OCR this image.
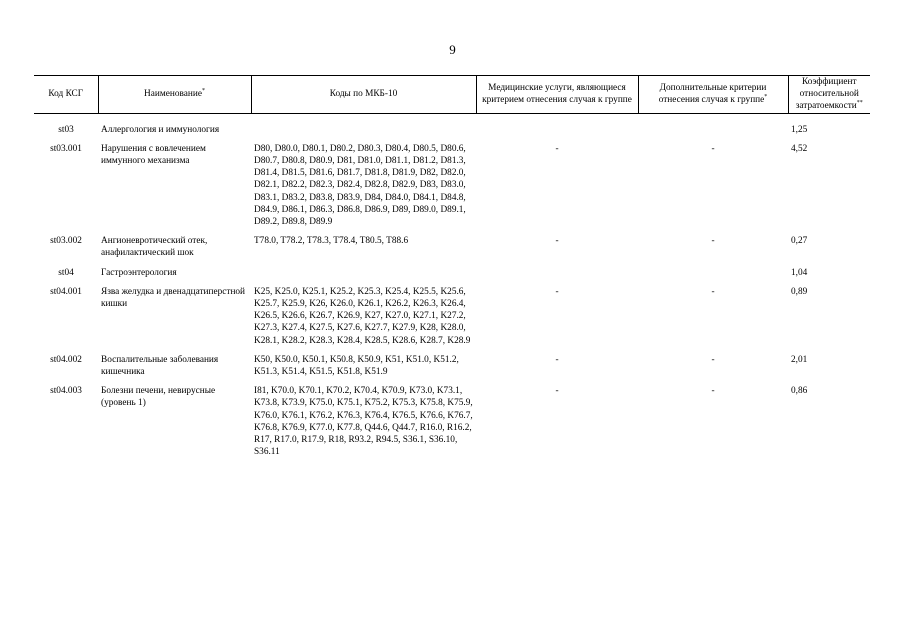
9
Код КСГ	Наименование*	Коды по МКБ-10	Медицинские услуги, являющиеся критерием отнесения случая к группе	Дополнительные критерии отнесения случая к группе*	Коэффициент относительной затратоемкости**
st03	Аллергология и иммунология				1,25
st03.001	Нарушения с вовлечением иммунного механизма	D80, D80.0, D80.1, D80.2, D80.3, D80.4, D80.5, D80.6, D80.7, D80.8, D80.9, D81, D81.0, D81.1, D81.2, D81.3, D81.4, D81.5, D81.6, D81.7, D81.8, D81.9, D82, D82.0, D82.1, D82.2, D82.3, D82.4, D82.8, D82.9, D83, D83.0, D83.1, D83.2, D83.8, D83.9, D84, D84.0, D84.1, D84.8, D84.9, D86.1, D86.3, D86.8, D86.9, D89, D89.0, D89.1, D89.2, D89.8, D89.9	-	-	4,52
st03.002	Ангионевротический отек, анафилактический шок	T78.0, T78.2, T78.3, T78.4, T80.5, T88.6	-	-	0,27
st04	Гастроэнтерология				1,04
st04.001	Язва желудка и двенадцатиперстной кишки	K25, K25.0, K25.1, K25.2, K25.3, K25.4, K25.5, K25.6, K25.7, K25.9, K26, K26.0, K26.1, K26.2, K26.3, K26.4, K26.5, K26.6, K26.7, K26.9, K27, K27.0, K27.1, K27.2, K27.3, K27.4, K27.5, K27.6, K27.7, K27.9, K28, K28.0, K28.1, K28.2, K28.3, K28.4, K28.5, K28.6, K28.7, K28.9	-	-	0,89
st04.002	Воспалительные заболевания кишечника	K50, K50.0, K50.1, K50.8, K50.9, K51, K51.0, K51.2, K51.3, K51.4, K51.5, K51.8, K51.9	-	-	2,01
st04.003	Болезни печени, невирусные (уровень 1)	I81, K70.0, K70.1, K70.2, K70.4, K70.9, K73.0, K73.1, K73.8, K73.9, K75.0, K75.1, K75.2, K75.3, K75.8, K75.9, K76.0, K76.1, K76.2, K76.3, K76.4, K76.5, K76.6, K76.7, K76.8, K76.9, K77.0, K77.8, Q44.6, Q44.7, R16.0, R16.2, R17, R17.0, R17.9, R18, R93.2, R94.5, S36.1, S36.10, S36.11	-	-	0,86
